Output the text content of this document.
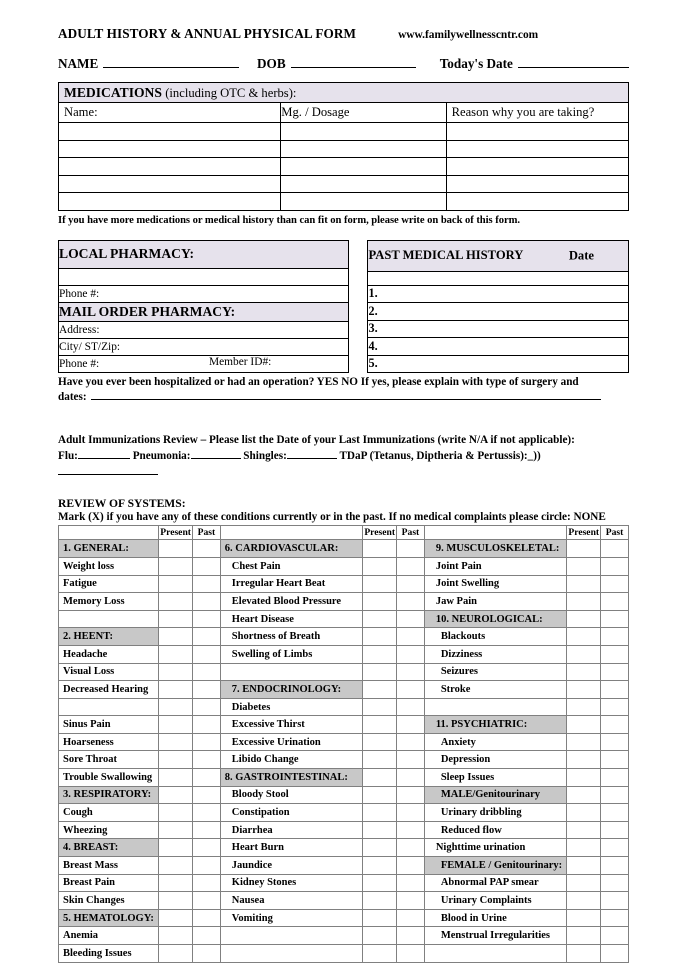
ADULT HISTORY & ANNUAL PHYSICAL FORM	www.familywellnesscntr.com
NAME	DOB	Today's Date
MEDICATIONS (including OTC & herbs):		
Name:	Mg. / Dosage	Reason why you are taking?

If you have more medications or medical history than can fit on form, please write on back of this form.
LOCAL PHARMACY:

Phone #:
MAIL ORDER PHARMACY:
Address:
City/ ST/Zip:
Phone #:	Member ID#:
PAST MEDICAL HISTORY	Date

1.
2.
3.
4.
5.
Have you ever been hospitalized or had an operation? YES NO If yes, please explain with type of surgery and
dates:
Adult Immunizations Review – Please list the Date of your Last Immunizations (write N/A if not applicable):
Flu:	Pneumonia:	Shingles:	TDaP (Tetanus, Diptheria & Pertussis):_))
REVIEW OF SYSTEMS:
Mark (X) if you have any of these conditions currently or in the past. If no medical complaints please circle: NONE
	Present	Past		Present	Past		Present	Past
1. GENERAL:			6. CARDIOVASCULAR:			9. MUSCULOSKELETAL:		
Weight loss			Chest Pain			Joint Pain		
Fatigue			Irregular Heart Beat			Joint Swelling		
Memory Loss			Elevated Blood Pressure			Jaw Pain		
			Heart Disease			10. NEUROLOGICAL:		
2. HEENT:			Shortness of Breath			Blackouts		
Headache			Swelling of Limbs			Dizziness		
Visual Loss						Seizures		
Decreased Hearing			7. ENDOCRINOLOGY:			Stroke		
			Diabetes					
Sinus Pain			Excessive Thirst			11. PSYCHIATRIC:		
Hoarseness			Excessive Urination			Anxiety		
Sore Throat			Libido Change			Depression		
Trouble Swallowing			8. GASTROINTESTINAL:			Sleep Issues		
3. RESPIRATORY:			Bloody Stool			MALE/Genitourinary		
Cough			Constipation			Urinary dribbling		
Wheezing			Diarrhea			Reduced flow		
4. BREAST:			Heart Burn			Nighttime urination		
Breast Mass			Jaundice			FEMALE / Genitourinary:		
Breast Pain			Kidney Stones			Abnormal PAP smear		
Skin Changes			Nausea			Urinary Complaints		
5. HEMATOLOGY:			Vomiting			Blood in Urine		
Anemia						Menstrual Irregularities		
Bleeding Issues								
